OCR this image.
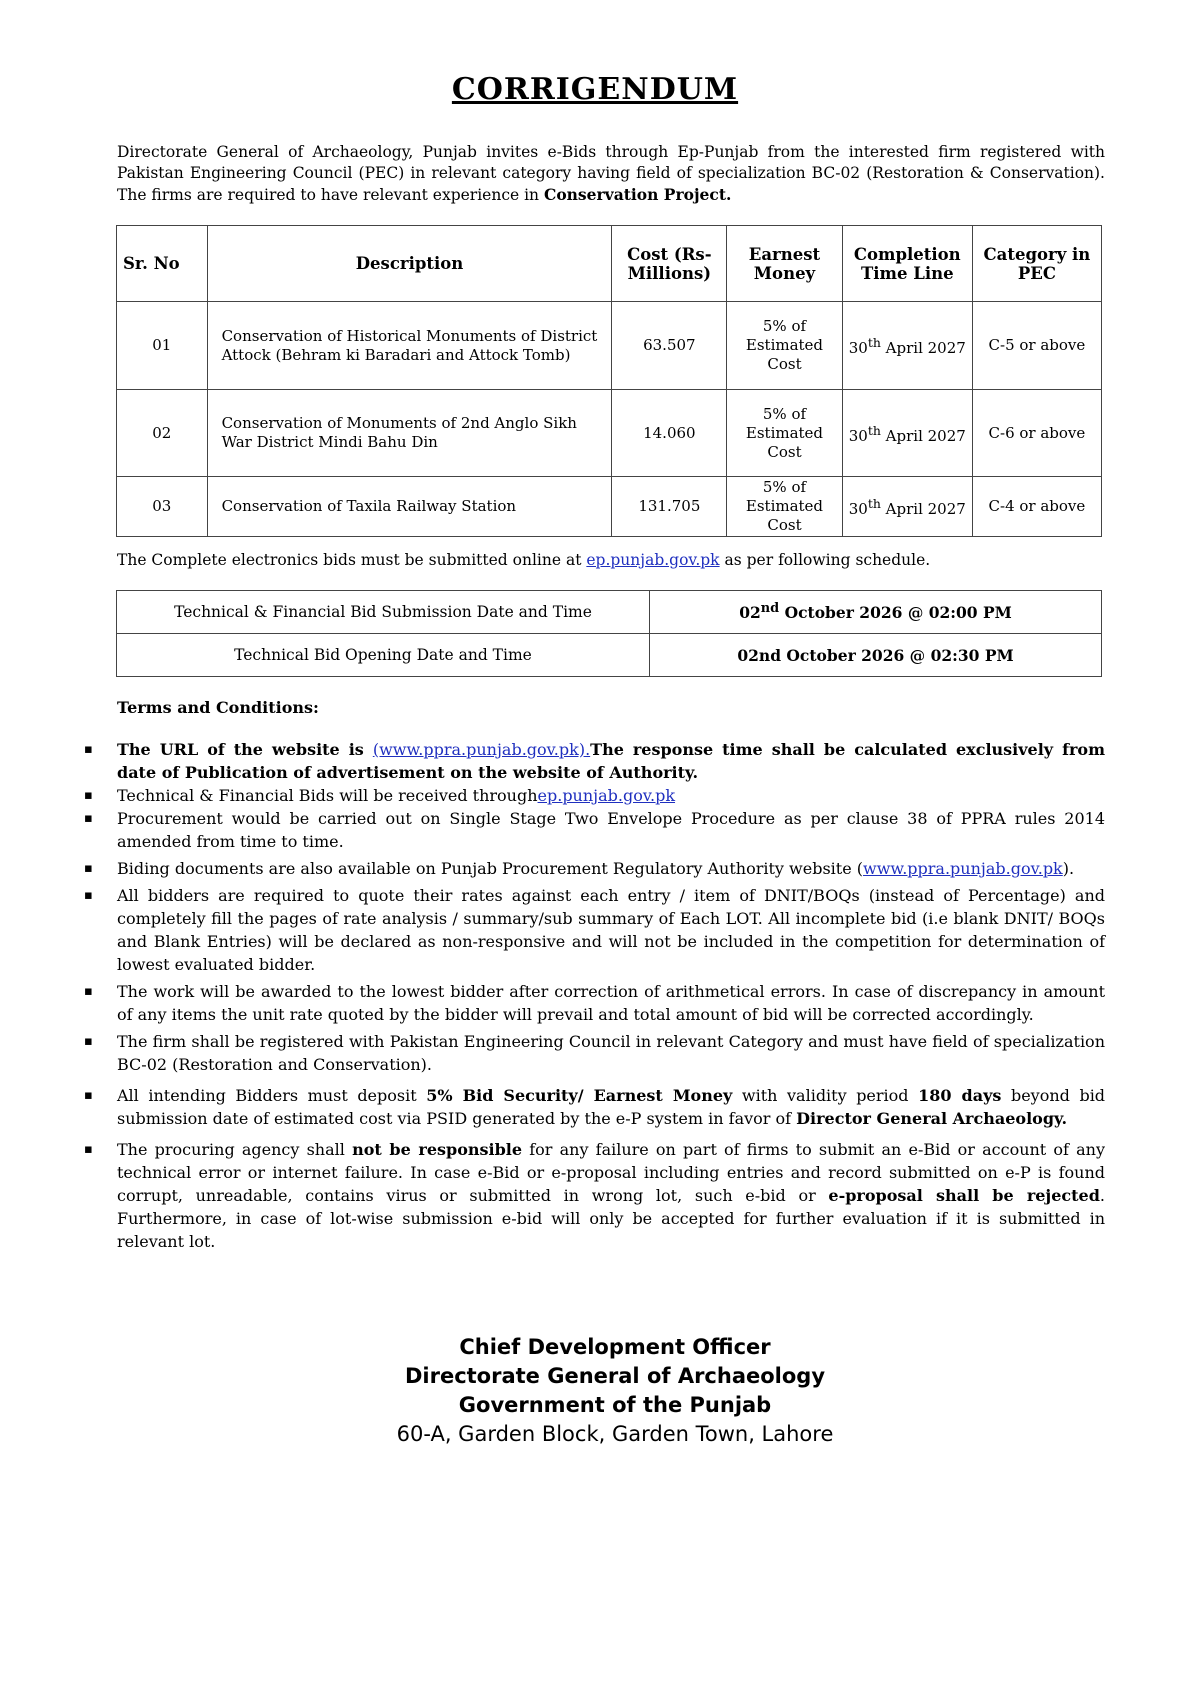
CORRIGENDUM
Directorate General of Archaeology, Punjab invites e-Bids through Ep-Punjab from the interested firm registered with Pakistan Engineering Council (PEC) in relevant category having field of specialization BC-02 (Restoration & Conservation). The firms are required to have relevant experience in Conservation Project.
Sr. No	Description	Cost (Rs-Millions)	Earnest Money	Completion Time Line	Category in PEC
01	Conservation of Historical Monuments of District Attock (Behram ki Baradari and Attock Tomb)	63.507	5% of Estimated Cost	30th April 2027	C-5 or above
02	Conservation of Monuments of 2nd Anglo Sikh War District Mindi Bahu Din	14.060	5% of Estimated Cost	30th April 2027	C-6 or above
03	Conservation of Taxila Railway Station	131.705	5% of Estimated Cost	30th April 2027	C-4 or above
The Complete electronics bids must be submitted online at ep.punjab.gov.pk as per following schedule.
Technical & Financial Bid Submission Date and Time	02nd October 2026 @ 02:00 PM
Technical Bid Opening Date and Time	02nd October 2026 @ 02:30 PM
Terms and Conditions:
▪ The URL of the website is (www.ppra.punjab.gov.pk).The response time shall be calculated exclusively from date of Publication of advertisement on the website of Authority.
▪ Technical & Financial Bids will be received throughep.punjab.gov.pk
▪ Procurement would be carried out on Single Stage Two Envelope Procedure as per clause 38 of PPRA rules 2014 amended from time to time.
▪ Biding documents are also available on Punjab Procurement Regulatory Authority website (www.ppra.punjab.gov.pk).
▪ All bidders are required to quote their rates against each entry / item of DNIT/BOQs (instead of Percentage) and completely fill the pages of rate analysis / summary/sub summary of Each LOT. All incomplete bid (i.e blank DNIT/ BOQs and Blank Entries) will be declared as non-responsive and will not be included in the competition for determination of lowest evaluated bidder.
▪ The work will be awarded to the lowest bidder after correction of arithmetical errors. In case of discrepancy in amount of any items the unit rate quoted by the bidder will prevail and total amount of bid will be corrected accordingly.
▪ The firm shall be registered with Pakistan Engineering Council in relevant Category and must have field of specialization BC-02 (Restoration and Conservation).
▪ All intending Bidders must deposit 5% Bid Security/ Earnest Money with validity period 180 days beyond bid submission date of estimated cost via PSID generated by the e-P system in favor of Director General Archaeology.
▪ The procuring agency shall not be responsible for any failure on part of firms to submit an e-Bid or account of any technical error or internet failure. In case e-Bid or e-proposal including entries and record submitted on e-P is found corrupt, unreadable, contains virus or submitted in wrong lot, such e-bid or e-proposal shall be rejected. Furthermore, in case of lot-wise submission e-bid will only be accepted for further evaluation if it is submitted in relevant lot.
Chief Development Officer
Directorate General of Archaeology
Government of the Punjab
60-A, Garden Block, Garden Town, Lahore
